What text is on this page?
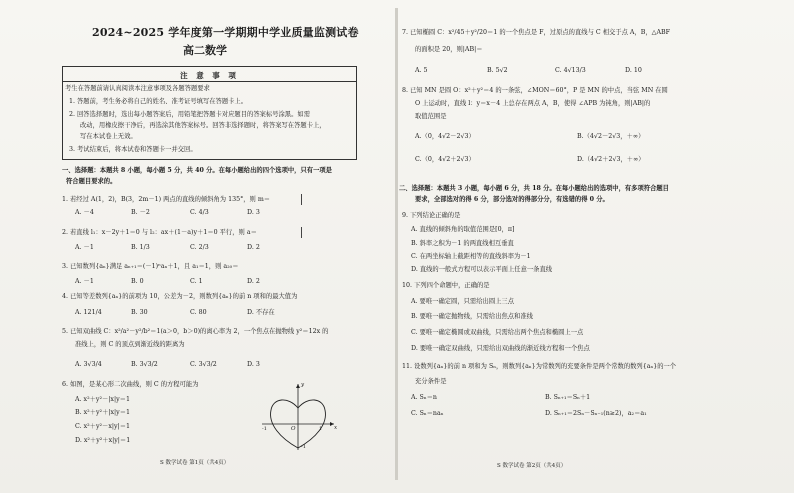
2024~2025 学年度第一学期期中学业质量监测试卷
高二数学
注 意 事 项
考生在答题前请认真阅读本注意事项及各题答题要求
1. 答题前，考生务必将自己的姓名、准考证号填写在答题卡上。
2. 回答选择题时，选出每小题答案后，用铅笔把答题卡对应题目的答案标号涂黑。如需
改动，用橡皮擦干净后，再选涂其他答案标号。回答非选择题时，将答案写在答题卡上，
写在本试卷上无效。
3. 考试结束后，将本试卷和答题卡一并交回。
一、选择题：本题共 8 小题，每小题 5 分，共 40 分。在每小题给出的四个选项中，只有一项是
符合题目要求的。
1. 若经过 A(1，2)，B(3，2m－1) 两点的直线的倾斜角为 135°，则 m＝
A. －4	B. －2	C. 4/3	D. 3
2. 若直线 l₁：x－2y＋1＝0 与 l₂：ax＋(1－a)y＋1＝0 平行，则 a＝
A. －1	B. 1/3	C. 2/3	D. 2
3. 已知数列{aₙ}满足 aₙ₊₁＝(－1)ⁿaₙ＋1，且 a₁＝1，则 a₂₀＝
A. －1	B. 0	C. 1	D. 2
4. 已知等差数列{aₙ}的前项为 10，公差为－2，则数列{aₙ}的前 n 项和的最大值为
A. 121/4	B. 30	C. 80	D. 不存在
5. 已知双曲线 C：x²/a²－y²/b²＝1(a＞0，b＞0)的离心率为 2，一个焦点在抛物线 y²＝12x 的
准线上，则 C 的顶点到渐近线的距离为
A. 3√3/4	B. 3√3/2	C. 3√3/2	D. 3
6. 如图，是某心形二次曲线，则 C 的方程可能为
A. x²＋y²－|x|y＝1
B. x²＋y²＋|x|y＝1
C. x²＋y²－x|y|＝1
D. x²＋y²＋x|y|＝1
y
x
O
-1	1
-1
S 数学试卷 第1页（共4页）
7. 已知椭圆 C：x²/45＋y²/20＝1 的一个焦点是 F，过原点的直线与 C 相交于点 A，B，△ABF
的面积是 20，则|AB|＝
A. 5	B. 5√2	C. 4√13/3	D. 10
8. 已知 MN 是圆 O：x²＋y²＝4 的一条弦，∠MON＝60°，P 是 MN 的中点，当弦 MN 在圆
O 上运动时，直线 l：y＝x－4 上总存在两点 A，B，使得 ∠APB 为钝角，则|AB|的
取值范围是
A.（0，4√2－2√3）	B.（4√2－2√3，＋∞）
C.（0，4√2＋2√3）	D.（4√2＋2√3，＋∞）
二、选择题：本题共 3 小题，每小题 6 分，共 18 分。在每小题给出的选项中，有多项符合题目
要求，全部选对的得 6 分，部分选对的得部分分，有选错的得 0 分。
9. 下列结论正确的是
A. 直线的倾斜角的取值范围是[0，π]
B. 斜率之积为－1 的两直线相互垂直
C. 在两坐标轴上截距相等的直线斜率为－1
D. 直线的一般式方程可以表示平面上任意一条直线
10. 下列四个命题中，正确的是
A. 要唯一确定圆，只需给出圆上三点
B. 要唯一确定抛物线，只需给出焦点和准线
C. 要唯一确定椭圆或双曲线，只需给出两个焦点和椭圆上一点
D. 要唯一确定双曲线，只需给出双曲线的渐近线方程和一个焦点
11. 设数列{aₙ}的前 n 项和为 Sₙ，则数列{aₙ}为常数列的充要条件是两个常数的数列{aₙ}的一个
充分条件是
A. Sₙ＝n	B. Sₙ₊₁＝Sₙ＋1
C. Sₙ＝naₙ	D. Sₙ₊₁＝2Sₙ－Sₙ₋₁(n≥2)，a₂＝a₁
S 数学试卷 第2页（共4页）
